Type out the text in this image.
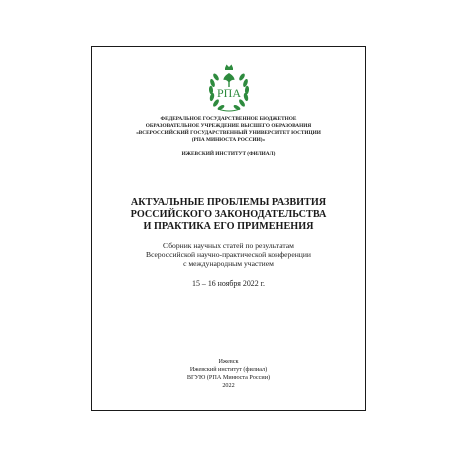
РПА
ФЕДЕРАЛЬНОЕ ГОСУДАРСТВЕННОЕ БЮДЖЕТНОЕ
ОБРАЗОВАТЕЛЬНОЕ УЧРЕЖДЕНИЕ ВЫСШЕГО ОБРАЗОВАНИЯ
«ВСЕРОССИЙСКИЙ ГОСУДАРСТВЕННЫЙ УНИВЕРСИТЕТ ЮСТИЦИИ
(РПА МИНЮСТА РОССИИ)»
ИЖЕВСКИЙ ИНСТИТУТ (ФИЛИАЛ)
АКТУАЛЬНЫЕ ПРОБЛЕМЫ РАЗВИТИЯ
РОССИЙСКОГО ЗАКОНОДАТЕЛЬСТВА
И ПРАКТИКА ЕГО ПРИМЕНЕНИЯ
Сборник научных статей по результатам
Всероссийской научно-практической конференции
с международным участием
15 – 16 ноября 2022 г.
Ижевск
Ижевский институт (филиал)
ВГУЮ (РПА Минюста России)
2022
